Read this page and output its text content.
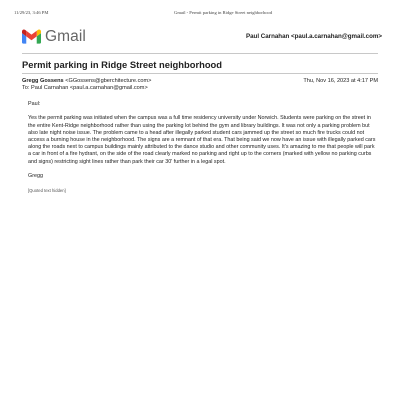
11/29/23, 3:46 PM	Gmail - Permit parking in Ridge Street neighborhood
Gmail	Paul Carnahan <paul.a.carnahan@gmail.com>
Permit parking in Ridge Street neighborhood
Gregg Gossens <GGossens@gberchitecture.com>	Thu, Nov 16, 2023 at 4:17 PM
To: Paul Carnahan <paul.a.carnahan@gmail.com>

Paul:

Yes the permit parking was initiated when the campus was a full time residency university under Norwich. Students were parking on the street in the entire Kent-Ridge neighborhood rather than using the parking lot behind the gym and library buildings. It was not only a parking problem but also late night noise issue. The problem came to a head after illegally parked student cars jammed up the street so much fire trucks could not access a burning house in the neighborhood. The signs are a remnant of that era. That being said we now have an issue with illegally parked cars along the roads next to campus buildings mainly attributed to the dance studio and other community uses. It's amazing to me that people will park a car in front of a fire hydrant, on the side of the road clearly marked no parking and right up to the corners (marked with yellow no parking curbs and signs) restricting sight lines rather than park their car 30' further in a legal spot.

Gregg

[Quoted text hidden]
